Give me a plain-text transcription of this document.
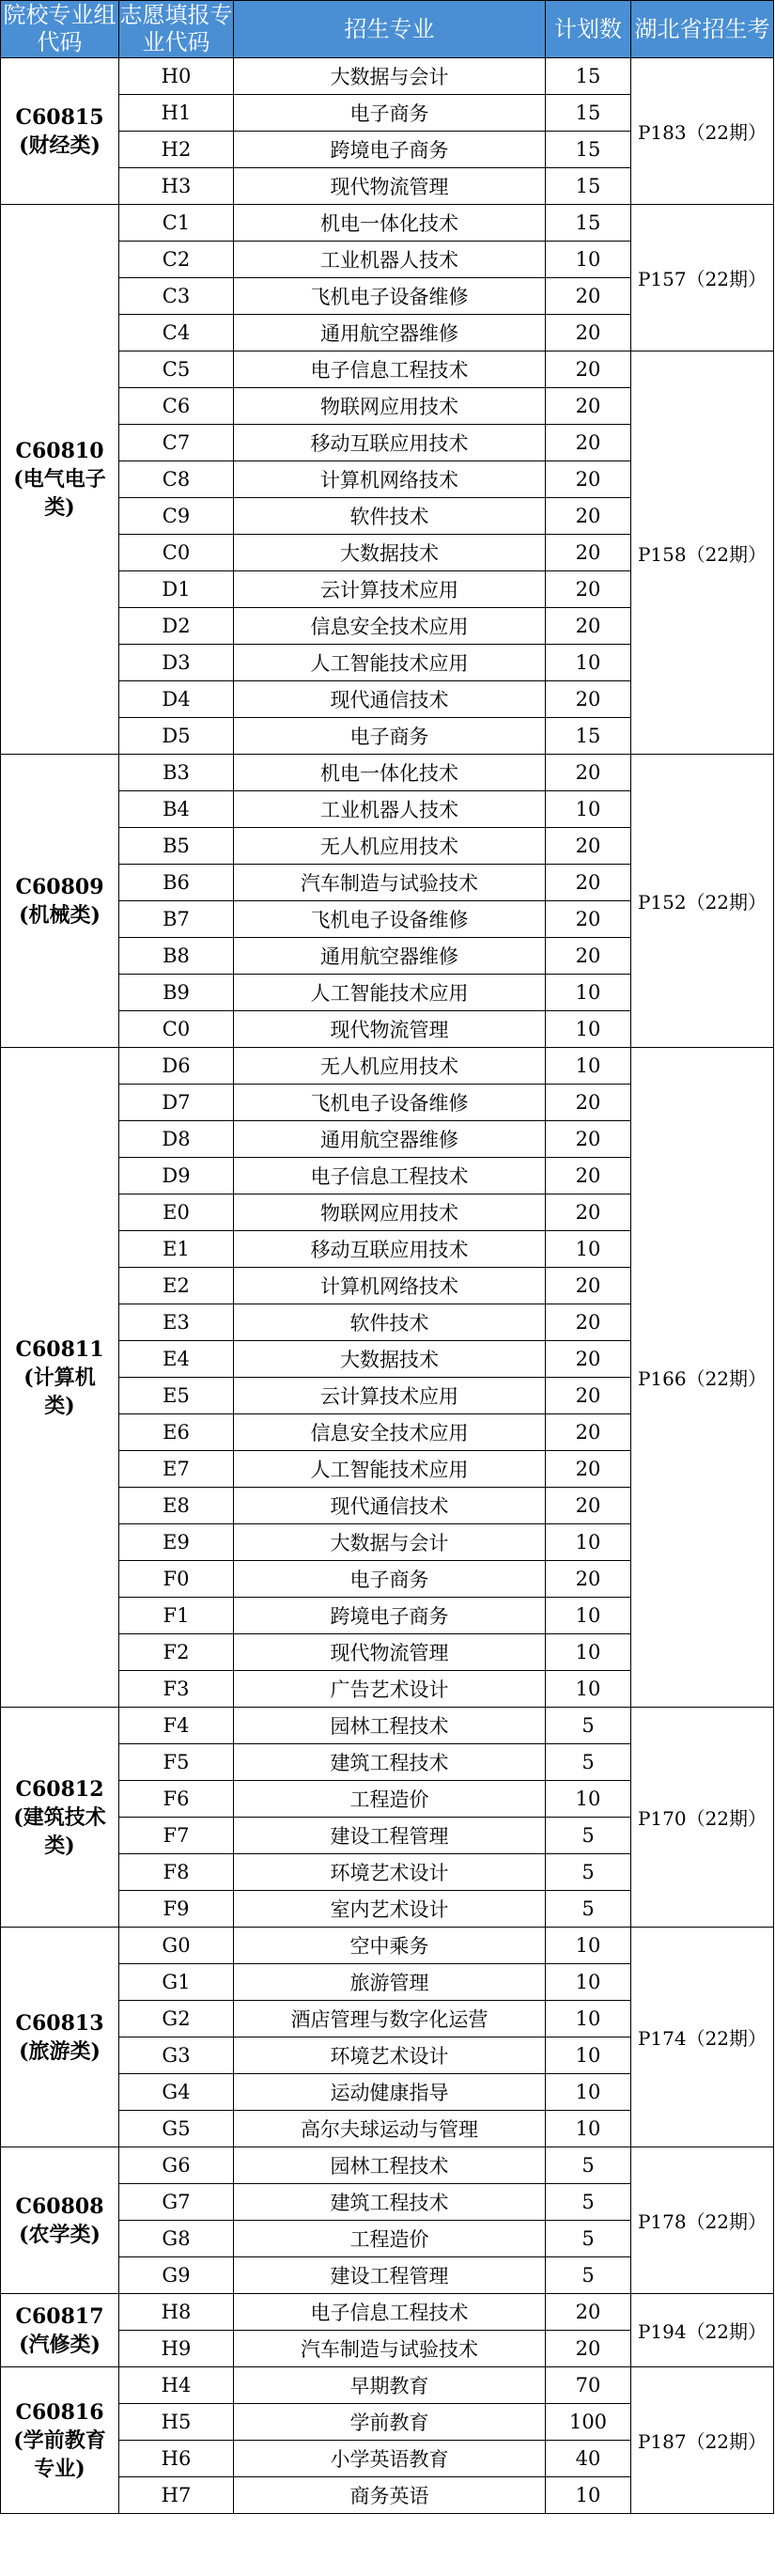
院校专业组代码	志愿填报专业代码	招生专业	计划数	湖北省招生考
C60815
(财经类)	H0	大数据与会计	15	P183（22期）
	H1	电子商务	15	
	H2	跨境电子商务	15	
	H3	现代物流管理	15	
C60810
(电气电子
类)	C1	机电一体化技术	15	P157（22期）
	C2	工业机器人技术	10	
	C3	飞机电子设备维修	20	
	C4	通用航空器维修	20	
	C5	电子信息工程技术	20	P158（22期）
	C6	物联网应用技术	20	
	C7	移动互联应用技术	20	
	C8	计算机网络技术	20	
	C9	软件技术	20	
	C0	大数据技术	20	
	D1	云计算技术应用	20	
	D2	信息安全技术应用	20	
	D3	人工智能技术应用	10	
	D4	现代通信技术	20	
	D5	电子商务	15	
C60809
(机械类)	B3	机电一体化技术	20	P152（22期）
	B4	工业机器人技术	10	
	B5	无人机应用技术	20	
	B6	汽车制造与试验技术	20	
	B7	飞机电子设备维修	20	
	B8	通用航空器维修	20	
	B9	人工智能技术应用	10	
	C0	现代物流管理	10	
C60811
(计算机
类)	D6	无人机应用技术	10	P166（22期）
	D7	飞机电子设备维修	20	
	D8	通用航空器维修	20	
	D9	电子信息工程技术	20	
	E0	物联网应用技术	20	
	E1	移动互联应用技术	10	
	E2	计算机网络技术	20	
	E3	软件技术	20	
	E4	大数据技术	20	
	E5	云计算技术应用	20	
	E6	信息安全技术应用	20	
	E7	人工智能技术应用	20	
	E8	现代通信技术	20	
	E9	大数据与会计	10	
	F0	电子商务	20	
	F1	跨境电子商务	10	
	F2	现代物流管理	10	
	F3	广告艺术设计	10	
C60812
(建筑技术
类)	F4	园林工程技术	5	P170（22期）
	F5	建筑工程技术	5	
	F6	工程造价	10	
	F7	建设工程管理	5	
	F8	环境艺术设计	5	
	F9	室内艺术设计	5	
C60813
(旅游类)	G0	空中乘务	10	P174（22期）
	G1	旅游管理	10	
	G2	酒店管理与数字化运营	10	
	G3	环境艺术设计	10	
	G4	运动健康指导	10	
	G5	高尔夫球运动与管理	10	
C60808
(农学类)	G6	园林工程技术	5	P178（22期）
	G7	建筑工程技术	5	
	G8	工程造价	5	
	G9	建设工程管理	5	
C60817
(汽修类)	H8	电子信息工程技术	20	P194（22期）
	H9	汽车制造与试验技术	20	
C60816
(学前教育
专业)	H4	早期教育	70	P187（22期）
	H5	学前教育	100	
	H6	小学英语教育	40	
	H7	商务英语	10	
